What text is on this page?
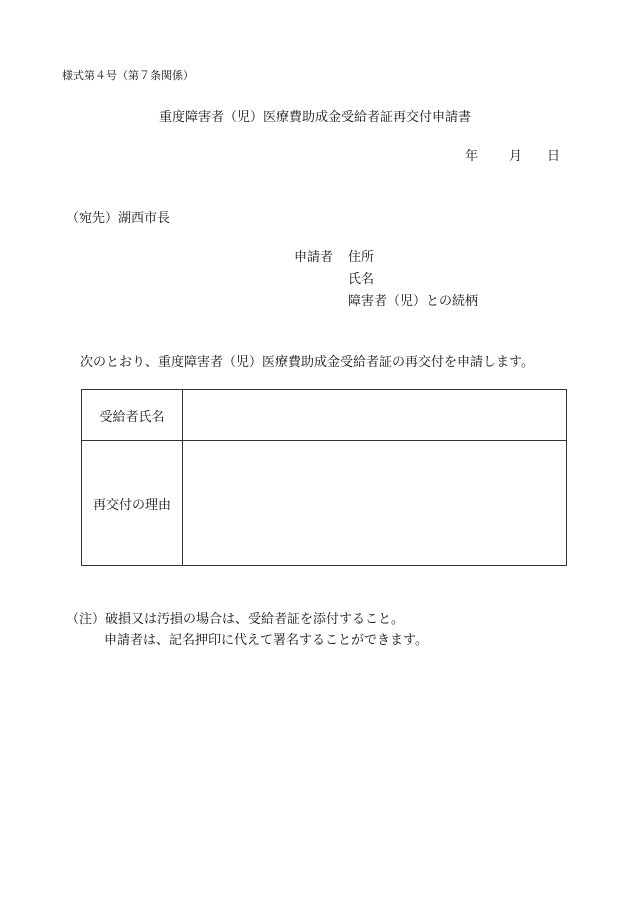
様式第４号（第７条関係）
重度障害者（児）医療費助成金受給者証再交付申請書
年 月 日
（宛先）湖西市長
申請者 住所
氏名
障害者（児）との続柄
次のとおり、重度障害者（児）医療費助成金受給者証の再交付を申請します。
受給者氏名
再交付の理由
（注）破損又は汚損の場合は、受給者証を添付すること。
申請者は、記名押印に代えて署名することができます。
